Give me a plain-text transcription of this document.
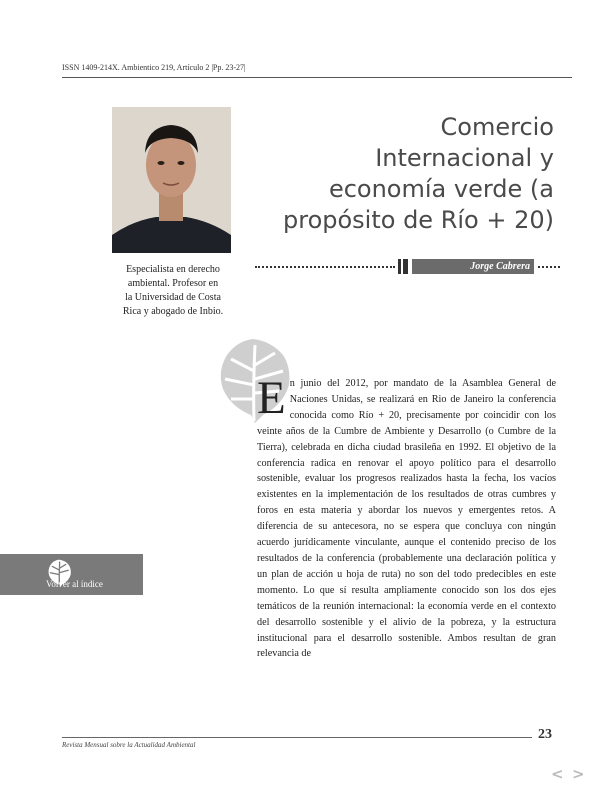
ISSN 1409-214X. Ambientico 219, Artículo 2 |Pp. 23-27|
Comercio
Internacional y
economía verde (a
propósito de Río + 20)
Especialista en derecho
ambiental. Profesor en
la Universidad de Costa
Rica y abogado de Inbio.
Jorge Cabrera
En junio del 2012, por mandato de la Asamblea General de Naciones Unidas, se realizará en Rio de Janeiro la conferencia conocida como Río + 20, precisamente por coincidir con los veinte años de la Cumbre de Ambiente y Desarrollo (o Cumbre de la Tierra), celebrada en dicha ciudad brasileña en 1992. El objetivo de la conferencia radica en renovar el apoyo político para el desarrollo sostenible, evaluar los progresos realizados hasta la fecha, los vacíos existentes en la implementación de los resultados de otras cumbres y foros en esta materia y abordar los nuevos y emergentes retos. A diferencia de su antecesora, no se espera que concluya con ningún acuerdo jurídicamente vinculante, aunque el contenido preciso de los resultados de la conferencia (probablemente una declaración política y un plan de acción u hoja de ruta) no son del todo predecibles en este momento. Lo que sí resulta ampliamente conocido son los dos ejes temáticos de la reunión internacional: la economía verde en el contexto del desarrollo sostenible y el alivio de la pobreza, y la estructura institucional para el desarrollo sostenible. Ambos resultan de gran relevancia de
Volver al índice
Revista Mensual sobre la Actualidad Ambiental
23
< >
